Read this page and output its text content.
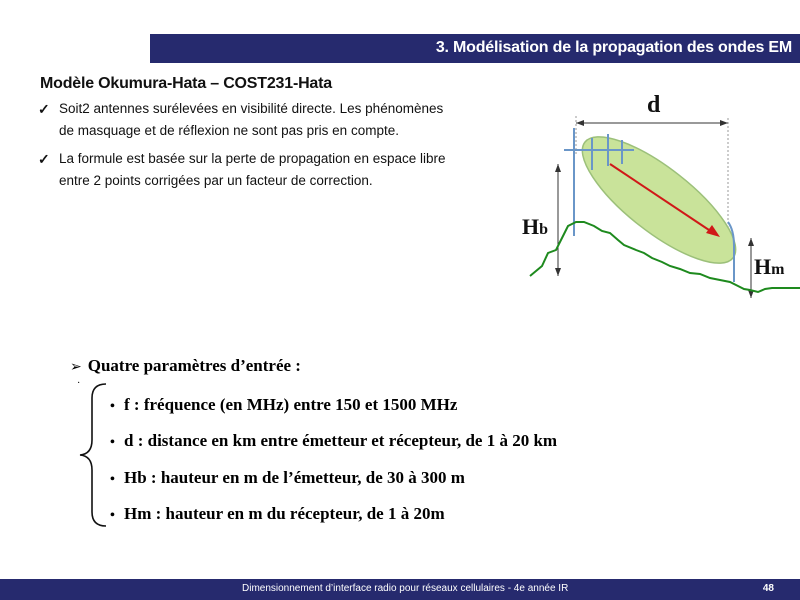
3. Modélisation de la propagation des ondes EM
Modèle Okumura-Hata – COST231-Hata
✓ Soit2 antennes surélevées en visibilité directe. Les phénomènes
de masquage et de réflexion ne sont pas pris en compte.
✓ La formule est basée sur la perte de propagation en espace libre
entre 2 points corrigées par un facteur de correction.
d
Hb
Hm
➢ Quatre paramètres d’entrée :
·
• f : fréquence (en MHz) entre 150 et 1500 MHz
• d : distance en km entre émetteur et récepteur, de 1 à 20 km
• Hb : hauteur en m de l’émetteur, de 30 à 300 m
• Hm : hauteur en m du récepteur, de 1 à 20m
Dimensionnement d’interface radio pour réseaux cellulaires - 4e année IR	48
